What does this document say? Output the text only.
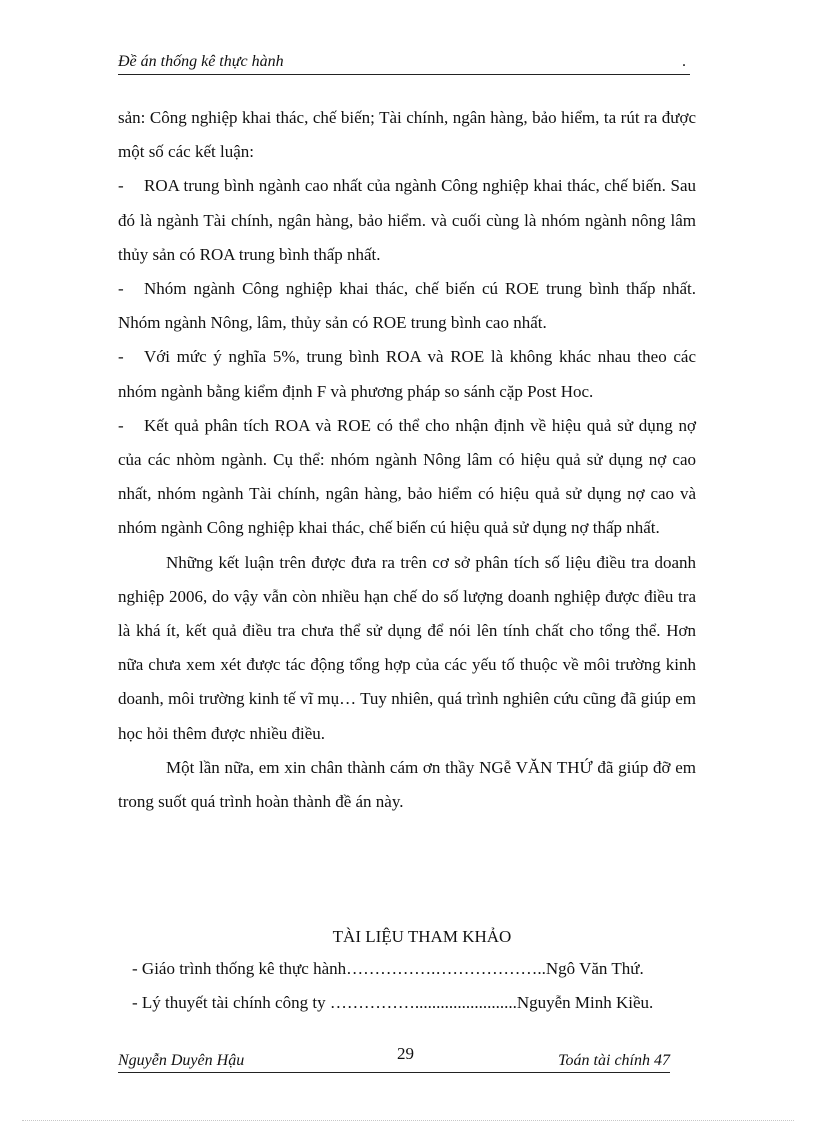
Đề án thống kê thực hành	.

sản: Công nghiệp khai thác, chế biến; Tài chính, ngân hàng, bảo hiểm, ta rút ra được một số các kết luận:

- ROA trung bình ngành cao nhất của ngành Công nghiệp khai thác, chế biến. Sau đó là ngành Tài chính, ngân hàng, bảo hiểm. và cuối cùng là nhóm ngành nông lâm thủy sản có ROA trung bình thấp nhất.

- Nhóm ngành Công nghiệp khai thác, chế biến cú ROE trung bình thấp nhất. Nhóm ngành Nông, lâm, thủy sản có ROE trung bình cao nhất.

- Với mức ý nghĩa 5%, trung bình ROA và ROE là không khác nhau theo các nhóm ngành bằng kiểm định F và phương pháp so sánh cặp Post Hoc.

- Kết quả phân tích ROA và ROE có thể cho nhận định về hiệu quả sử dụng nợ của các nhòm ngành. Cụ thể: nhóm ngành Nông lâm có hiệu quả sử dụng nợ cao nhất, nhóm ngành Tài chính, ngân hàng, bảo hiểm có hiệu quả sử dụng nợ cao và nhóm ngành Công nghiệp khai thác, chế biến cú hiệu quả sử dụng nợ thấp nhất.

Những kết luận trên được đưa ra trên cơ sở phân tích số liệu điều tra doanh nghiệp 2006, do vậy vẫn còn nhiều hạn chế do số lượng doanh nghiệp được điều tra là khá ít, kết quả điều tra chưa thể sử dụng để nói lên tính chất cho tổng thể. Hơn nữa chưa xem xét được tác động tổng hợp của các yếu tố thuộc về môi trường kinh doanh, môi trường kinh tế vĩ mụ… Tuy nhiên, quá trình nghiên cứu cũng đã giúp em học hỏi thêm được nhiều điều.

Một lần nữa, em xin chân thành cám ơn thầy NGễ VĂN THỨ đã giúp đỡ em trong suốt quá trình hoàn thành đề án này.

TÀI LIỆU THAM KHẢO
- Giáo trình thống kê thực hành…………….………………..Ngô Văn Thứ.
- Lý thuyết tài chính công ty ……………........................Nguyễn Minh Kiều.
Nguyễn Duyên Hậu	29	Toán tài chính 47
